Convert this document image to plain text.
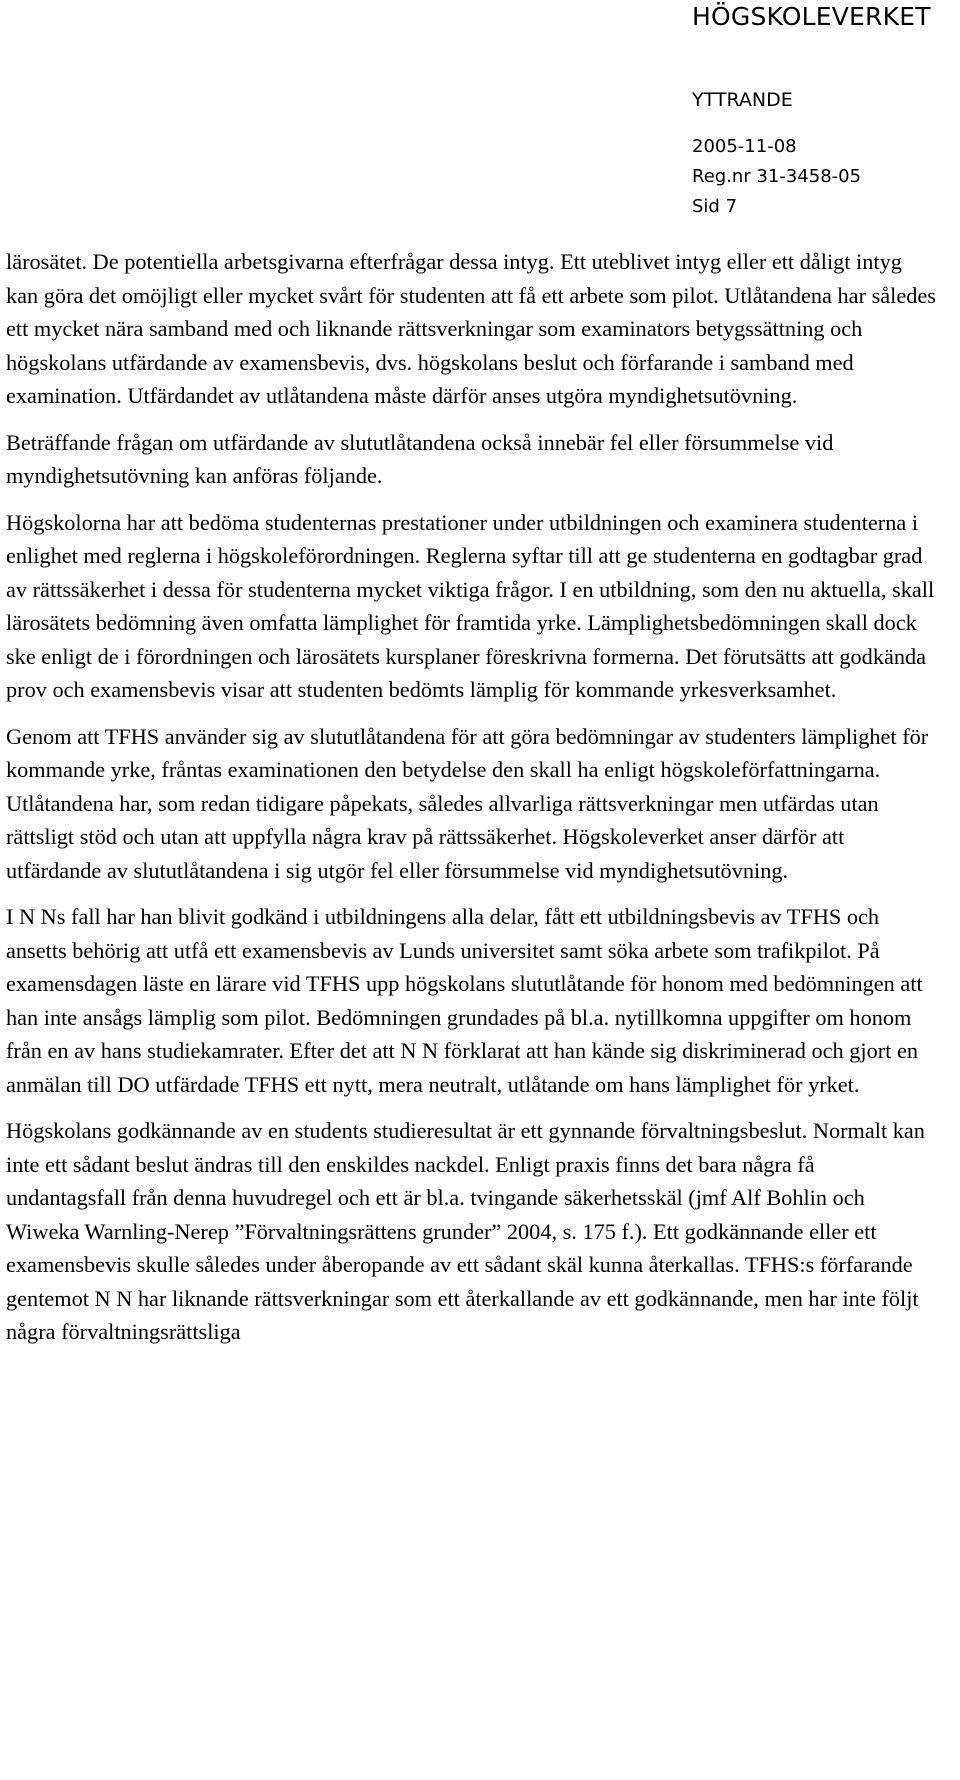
HÖGSKOLEVERKET
YTTRANDE
2005-11-08
Reg.nr 31-3458-05
Sid 7

lärosätet. De potentiella arbetsgivarna efterfrågar dessa intyg. Ett uteblivet intyg eller ett dåligt intyg kan göra det omöjligt eller mycket svårt för studenten att få ett arbete som pilot. Utlåtandena har således ett mycket nära samband med och liknande rättsverkningar som examinators betygssättning och högskolans utfärdande av examensbevis, dvs. högskolans beslut och förfarande i samband med examination. Utfärdandet av utlåtandena måste därför anses utgöra myndighetsutövning.

Beträffande frågan om utfärdande av slututlåtandena också innebär fel eller försummelse vid myndighetsutövning kan anföras följande.

Högskolorna har att bedöma studenternas prestationer under utbildningen och examinera studenterna i enlighet med reglerna i högskoleförordningen. Reglerna syftar till att ge studenterna en godtagbar grad av rättssäkerhet i dessa för studenterna mycket viktiga frågor. I en utbildning, som den nu aktuella, skall lärosätets bedömning även omfatta lämplighet för framtida yrke. Lämplighetsbedömningen skall dock ske enligt de i förordningen och lärosätets kursplaner föreskrivna formerna. Det förutsätts att godkända prov och examensbevis visar att studenten bedömts lämplig för kommande yrkesverksamhet.

Genom att TFHS använder sig av slututlåtandena för att göra bedömningar av studenters lämplighet för kommande yrke, fråntas examinationen den betydelse den skall ha enligt högskoleförfattningarna. Utlåtandena har, som redan tidigare påpekats, således allvarliga rättsverkningar men utfärdas utan rättsligt stöd och utan att uppfylla några krav på rättssäkerhet. Högskoleverket anser därför att utfärdande av slututlåtandena i sig utgör fel eller försummelse vid myndighetsutövning.

I N Ns fall har han blivit godkänd i utbildningens alla delar, fått ett utbildningsbevis av TFHS och ansetts behörig att utfå ett examensbevis av Lunds universitet samt söka arbete som trafikpilot. På examensdagen läste en lärare vid TFHS upp högskolans slututlåtande för honom med bedömningen att han inte ansågs lämplig som pilot. Bedömningen grundades på bl.a. nytillkomna uppgifter om honom från en av hans studiekamrater. Efter det att N N förklarat att han kände sig diskriminerad och gjort en anmälan till DO utfärdade TFHS ett nytt, mera neutralt, utlåtande om hans lämplighet för yrket.

Högskolans godkännande av en students studieresultat är ett gynnande förvaltningsbeslut. Normalt kan inte ett sådant beslut ändras till den enskildes nackdel. Enligt praxis finns det bara några få undantagsfall från denna huvudregel och ett är bl.a. tvingande säkerhetsskäl (jmf Alf Bohlin och Wiweka Warnling-Nerep ”Förvaltningsrättens grunder” 2004, s. 175 f.). Ett godkännande eller ett examensbevis skulle således under åberopande av ett sådant skäl kunna återkallas. TFHS:s förfarande gentemot N N har liknande rättsverkningar som ett återkallande av ett godkännande, men har inte följt några förvaltningsrättsliga
